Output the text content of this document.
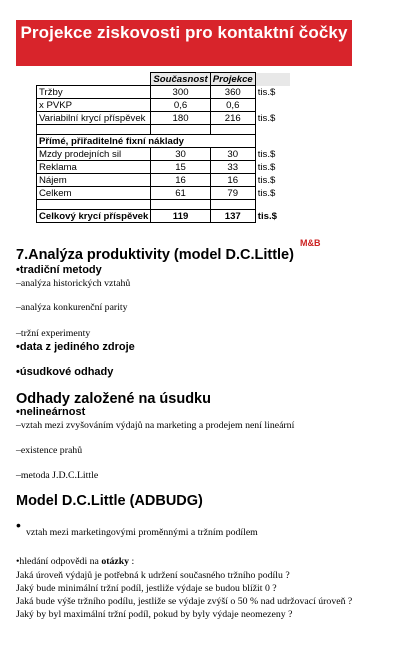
Projekce ziskovosti pro kontaktní čočky
	Současnost	Projekce	
Tržby	300	360	tis.$
x PVKP	0,6	0,6	
Variabilní krycí příspěvek	180	216	tis.$

Přímé, přiřaditelné fixní náklady			
Mzdy prodejních sil	30	30	tis.$
Reklama	15	33	tis.$
Nájem	16	16	tis.$
Celkem	61	79	tis.$

Celkový krycí příspěvek	119	137	tis.$
M&B
7.Analýza produktivity (model D.C.Little)
•tradiční metody
–analýza historických vztahů
–analýza konkurenční parity
–tržní experimenty
•data z jediného zdroje
•úsudkové odhady
Odhady založené na úsudku
•nelineárnost
–vztah mezi zvyšováním výdajů na marketing a prodejem není lineární
–existence prahů
–metoda J.D.C.Little
Model D.C.Little (ADBUDG)
• vztah mezi marketingovými proměnnými a tržním podílem
•hledání odpovědi na otázky :
Jaká úroveň výdajů je potřebná k udržení současného tržního podílu ?
Jaký bude minimální tržní podíl, jestliže výdaje se budou blížit 0 ?
Jaká bude výše tržního podílu, jestliže se výdaje zvýší o 50 % nad udržovací úroveň ?
Jaký by byl maximální tržní podíl, pokud by byly výdaje neomezeny ?
